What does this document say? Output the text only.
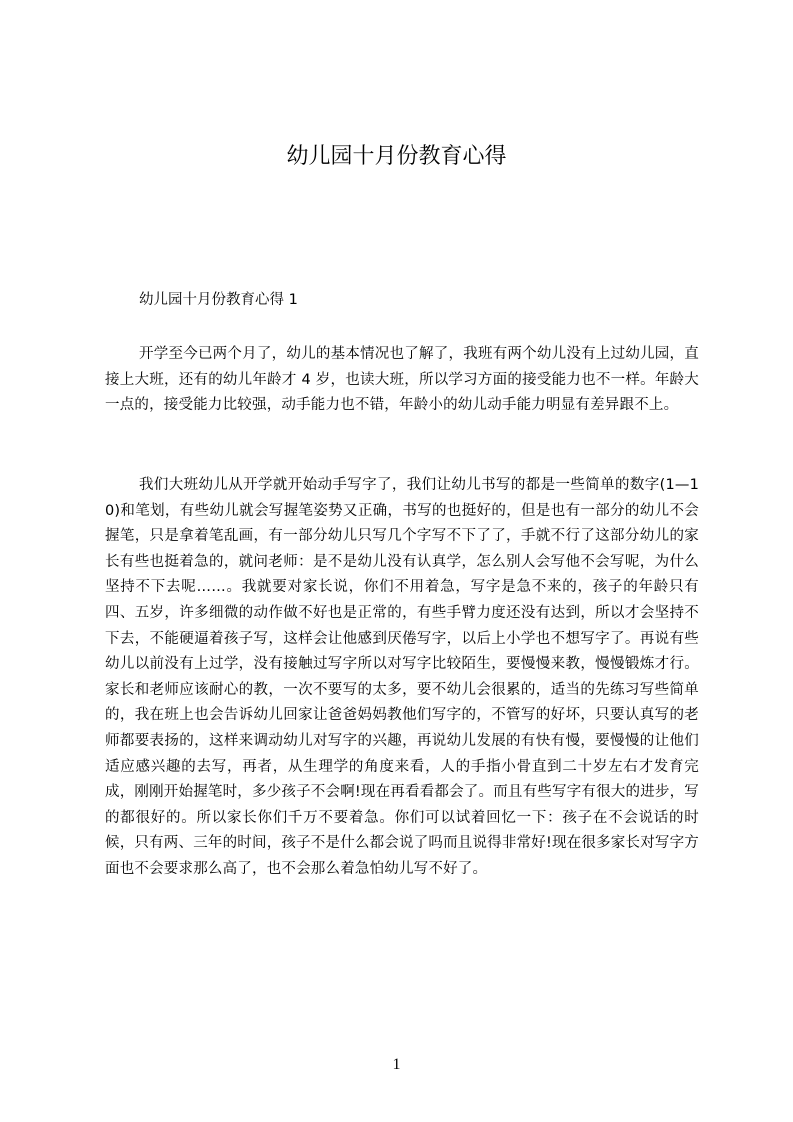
幼儿园十月份教育心得

幼儿园十月份教育心得 1

开学至今已两个月了，幼儿的基本情况也了解了，我班有两个幼儿没有上过幼儿园，直接上大班，还有的幼儿年龄才 4 岁，也读大班，所以学习方面的接受能力也不一样。年龄大一点的，接受能力比较强，动手能力也不错，年龄小的幼儿动手能力明显有差异跟不上。

我们大班幼儿从开学就开始动手写字了，我们让幼儿书写的都是一些简单的数字(1—10)和笔划，有些幼儿就会写握笔姿势又正确，书写的也挺好的，但是也有一部分的幼儿不会握笔，只是拿着笔乱画，有一部分幼儿只写几个字写不下了了，手就不行了这部分幼儿的家长有些也挺着急的，就问老师：是不是幼儿没有认真学，怎么别人会写他不会写呢，为什么坚持不下去呢……。我就要对家长说，你们不用着急，写字是急不来的，孩子的年龄只有四、五岁，许多细微的动作做不好也是正常的，有些手臂力度还没有达到，所以才会坚持不下去，不能硬逼着孩子写，这样会让他感到厌倦写字，以后上小学也不想写字了。再说有些幼儿以前没有上过学，没有接触过写字所以对写字比较陌生，要慢慢来教，慢慢锻炼才行。家长和老师应该耐心的教，一次不要写的太多，要不幼儿会很累的，适当的先练习写些简单的，我在班上也会告诉幼儿回家让爸爸妈妈教他们写字的，不管写的好坏，只要认真写的老师都要表扬的，这样来调动幼儿对写字的兴趣，再说幼儿发展的有快有慢，要慢慢的让他们适应感兴趣的去写，再者，从生理学的角度来看，人的手指小骨直到二十岁左右才发育完成，刚刚开始握笔时，多少孩子不会啊!现在再看看都会了。而且有些写字有很大的进步，写的都很好的。所以家长你们千万不要着急。你们可以试着回忆一下：孩子在不会说话的时候，只有两、三年的时间，孩子不是什么都会说了吗而且说得非常好!现在很多家长对写字方面也不会要求那么高了，也不会那么着急怕幼儿写不好了。

1
